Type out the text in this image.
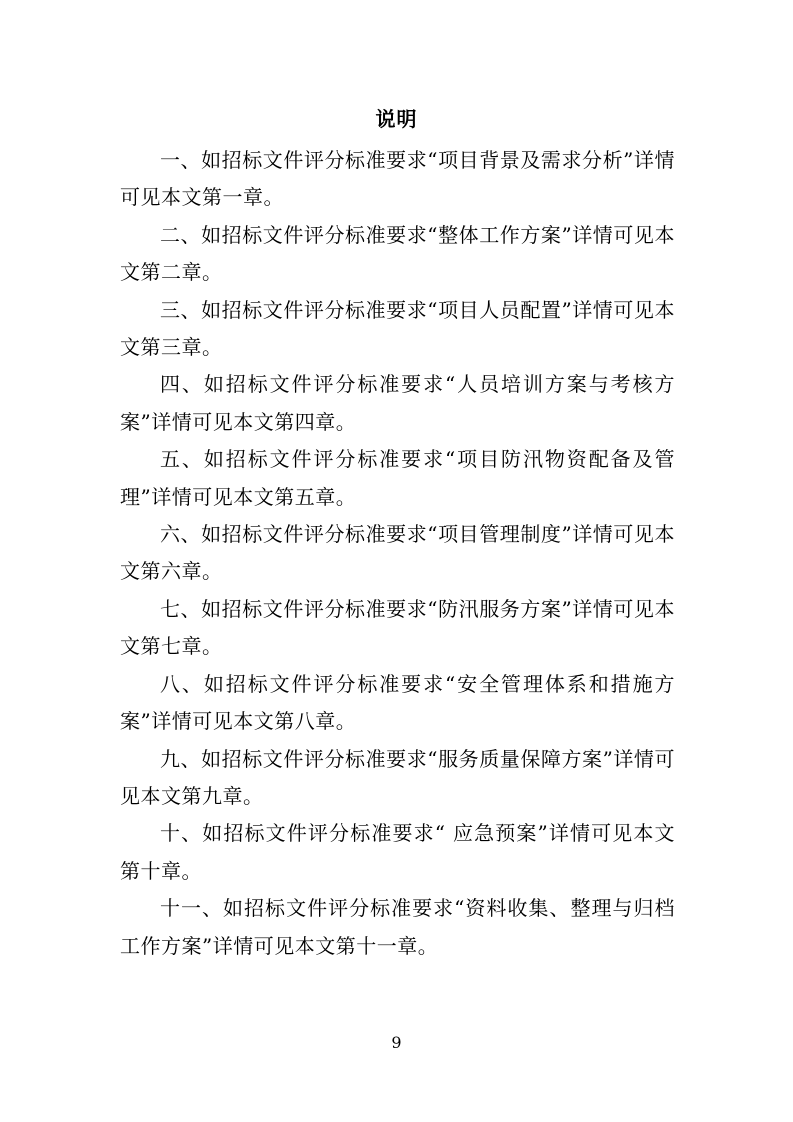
说明

一、如招标文件评分标准要求“项目背景及需求分析”详情可见本文第一章。

二、如招标文件评分标准要求“整体工作方案”详情可见本文第二章。

三、如招标文件评分标准要求“项目人员配置”详情可见本文第三章。

四、如招标文件评分标准要求“人员培训方案与考核方案”详情可见本文第四章。

五、如招标文件评分标准要求“项目防汛物资配备及管理”详情可见本文第五章。

六、如招标文件评分标准要求“项目管理制度”详情可见本文第六章。

七、如招标文件评分标准要求“防汛服务方案”详情可见本文第七章。

八、如招标文件评分标准要求“安全管理体系和措施方案”详情可见本文第八章。

九、如招标文件评分标准要求“服务质量保障方案”详情可见本文第九章。

十、如招标文件评分标准要求“ 应急预案”详情可见本文第十章。

十一、如招标文件评分标准要求“资料收集、整理与归档工作方案”详情可见本文第十一章。

9
